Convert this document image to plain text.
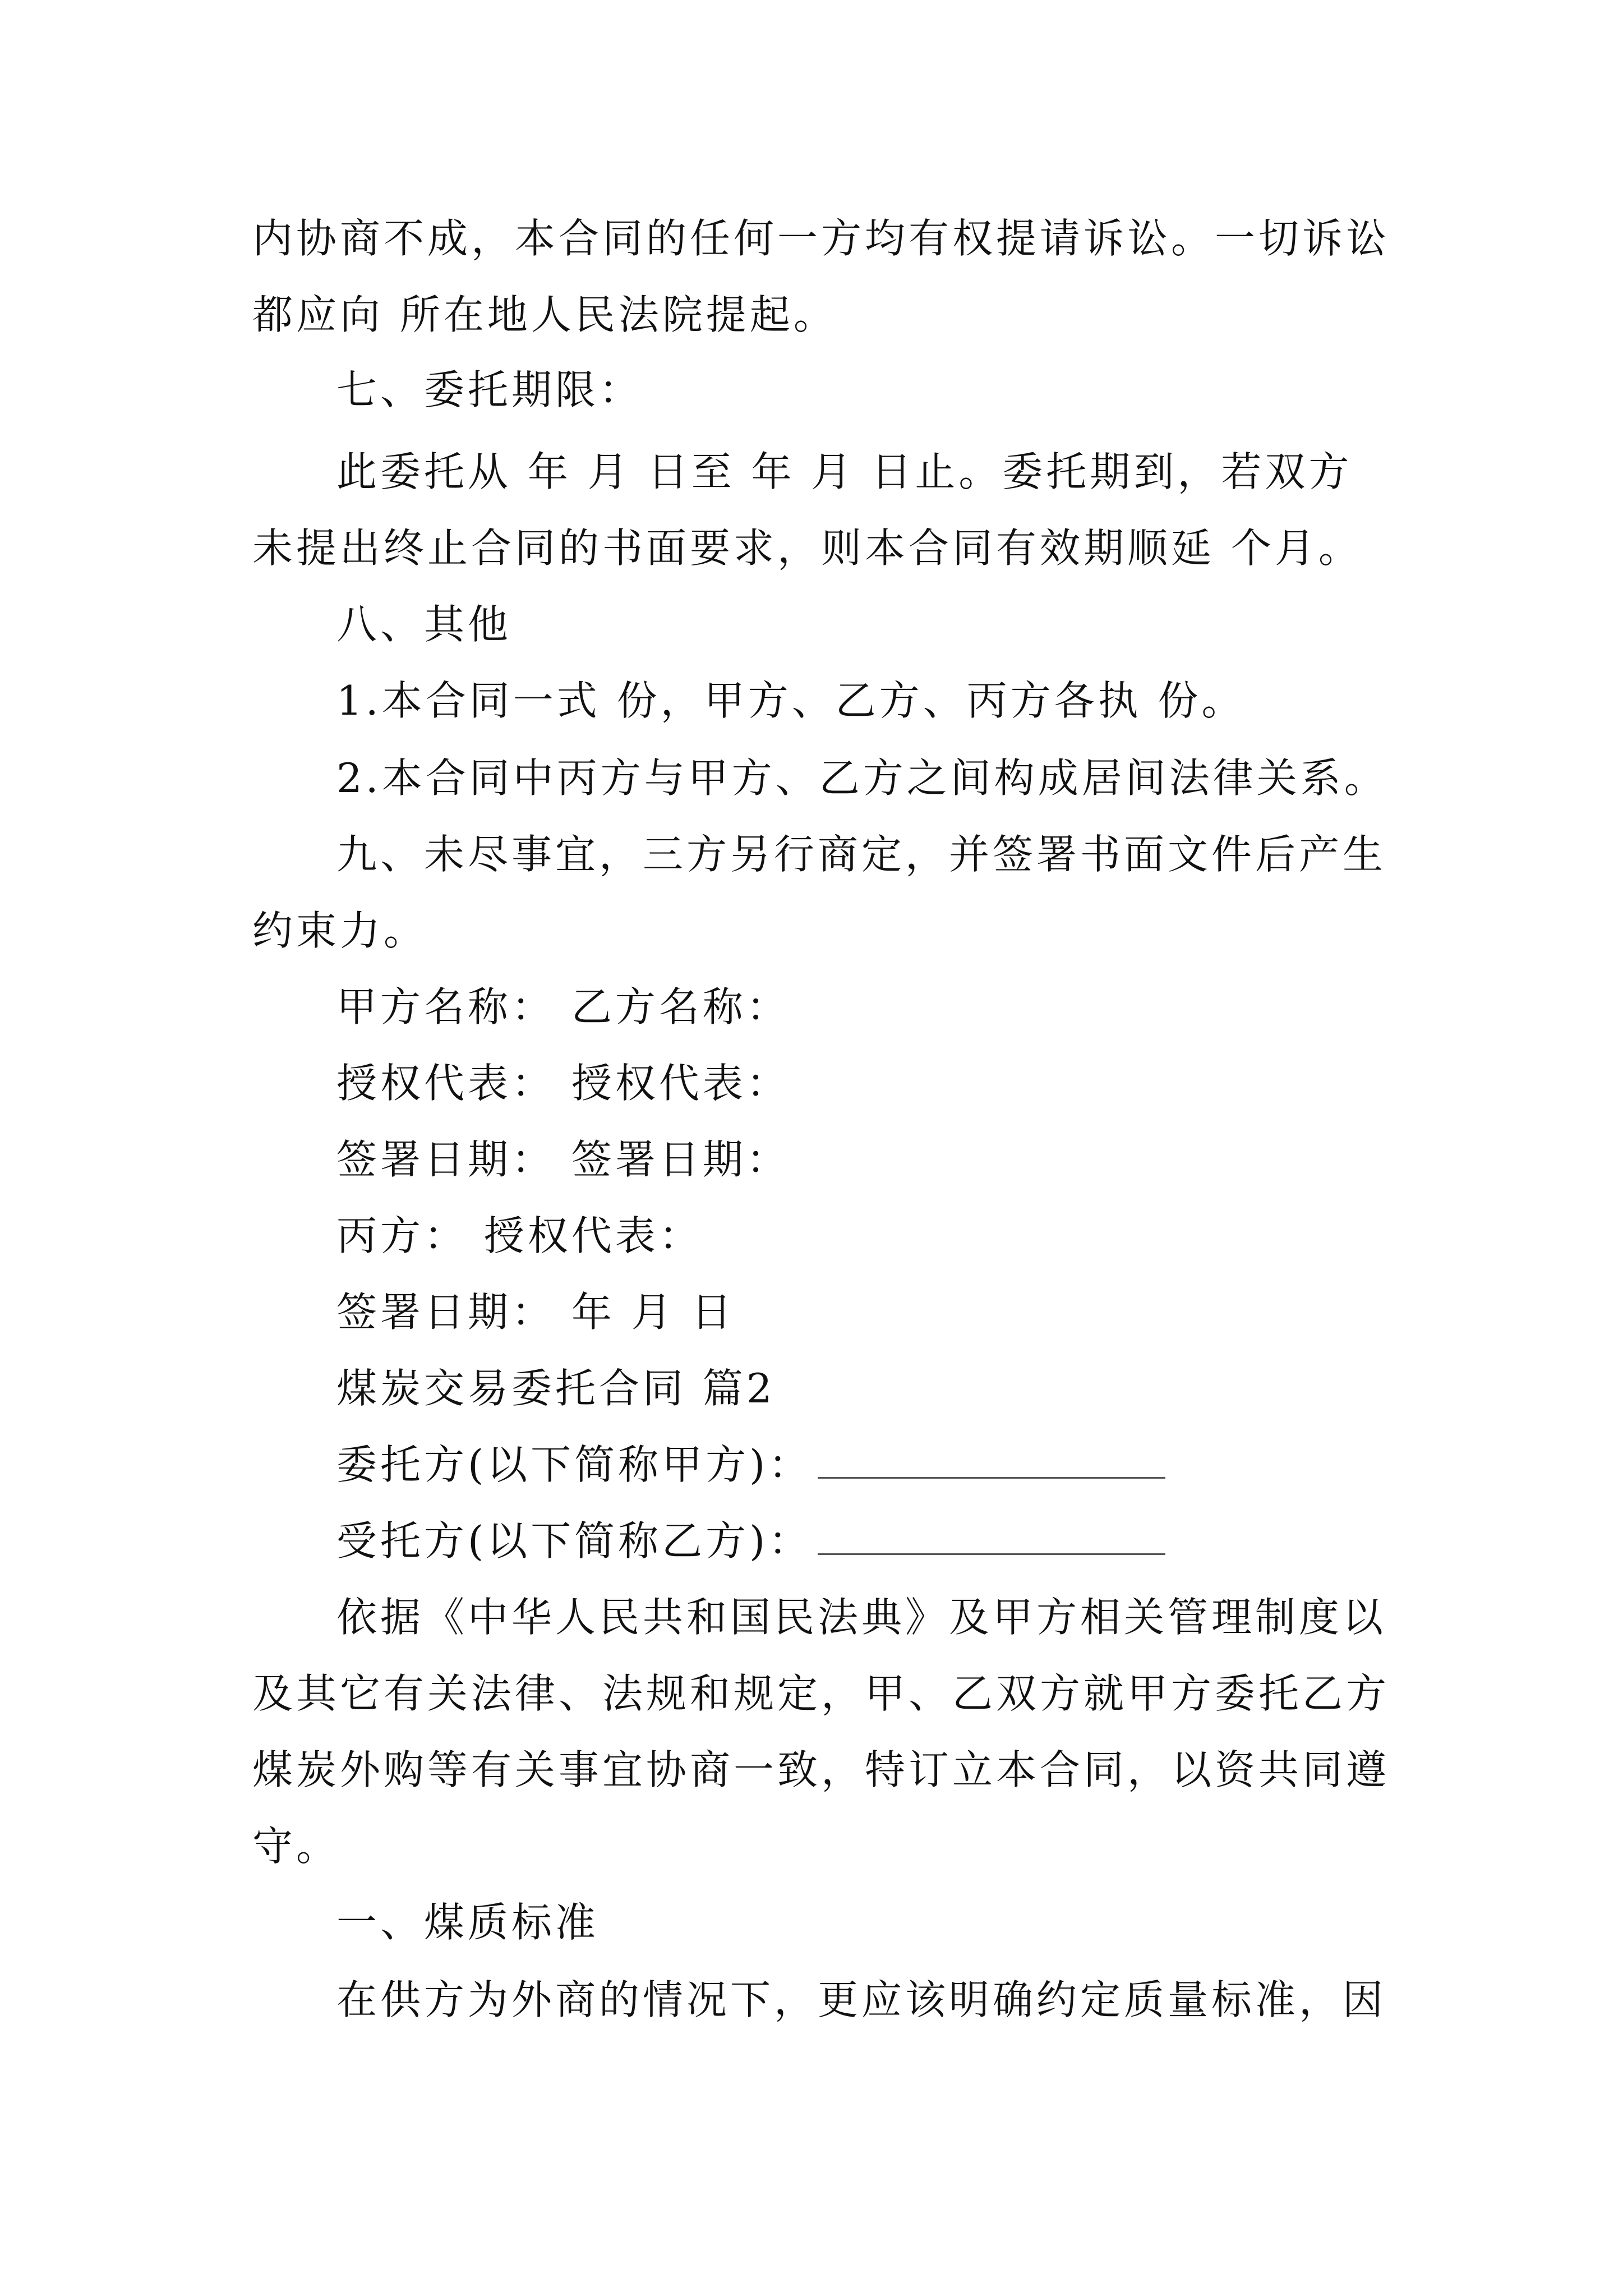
内协商不成，本合同的任何一方均有权提请诉讼。一切诉讼
都应向 所在地人民法院提起。
七、委托期限：
此委托从 年 月 日至 年 月 日止。委托期到，若双方
未提出终止合同的书面要求，则本合同有效期顺延 个月。
八、其他
1.本合同一式 份，甲方、乙方、丙方各执 份。
2.本合同中丙方与甲方、乙方之间构成居间法律关系。
九、未尽事宜，三方另行商定，并签署书面文件后产生
约束力。
甲方名称： 乙方名称：
授权代表： 授权代表：
签署日期： 签署日期：
丙方： 授权代表：
签署日期： 年 月 日
煤炭交易委托合同 篇2
委托方(以下简称甲方)：
受托方(以下简称乙方)：
依据《中华人民共和国民法典》及甲方相关管理制度以
及其它有关法律、法规和规定，甲、乙双方就甲方委托乙方
煤炭外购等有关事宜协商一致，特订立本合同，以资共同遵
守。
一、煤质标准
在供方为外商的情况下，更应该明确约定质量标准，因
